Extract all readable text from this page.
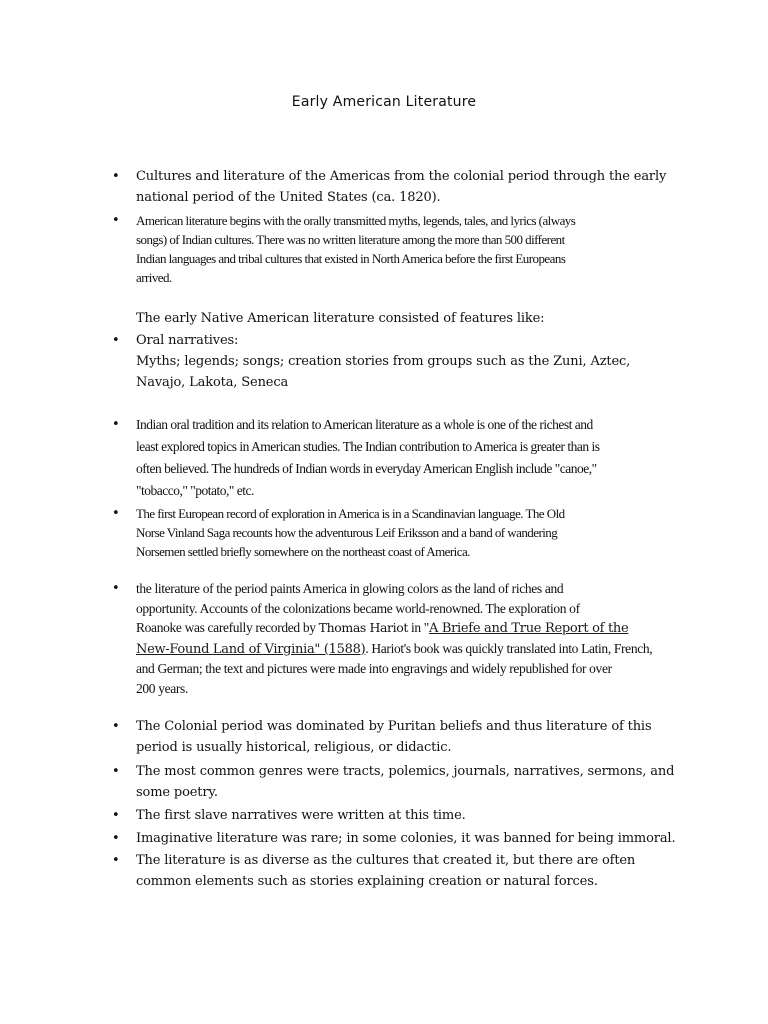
Early American Literature
• Cultures and literature of the Americas from the colonial period through the early
national period of the United States (ca. 1820).
• American literature begins with the orally transmitted myths, legends, tales, and lyrics (always
songs) of Indian cultures. There was no written literature among the more than 500 different
Indian languages and tribal cultures that existed in North America before the first Europeans
arrived.
The early Native American literature consisted of features like:
• Oral narratives:
Myths; legends; songs; creation stories from groups such as the Zuni, Aztec,
Navajo, Lakota, Seneca
• Indian oral tradition and its relation to American literature as a whole is one of the richest and
least explored topics in American studies. The Indian contribution to America is greater than is
often believed. The hundreds of Indian words in everyday American English include "canoe,"
"tobacco," "potato," etc.
• The first European record of exploration in America is in a Scandinavian language. The Old
Norse Vinland Saga recounts how the adventurous Leif Eriksson and a band of wandering
Norsemen settled briefly somewhere on the northeast coast of America.
• the literature of the period paints America in glowing colors as the land of riches and
opportunity. Accounts of the colonizations became world-renowned. The exploration of
Roanoke was carefully recorded by Thomas Hariot in "A Briefe and True Report of the
New-Found Land of Virginia" (1588). Hariot's book was quickly translated into Latin, French,
and German; the text and pictures were made into engravings and widely republished for over
200 years.
• The Colonial period was dominated by Puritan beliefs and thus literature of this
period is usually historical, religious, or didactic.
• The most common genres were tracts, polemics, journals, narratives, sermons, and
some poetry.
• The first slave narratives were written at this time.
• Imaginative literature was rare; in some colonies, it was banned for being immoral.
• The literature is as diverse as the cultures that created it, but there are often
common elements such as stories explaining creation or natural forces.
